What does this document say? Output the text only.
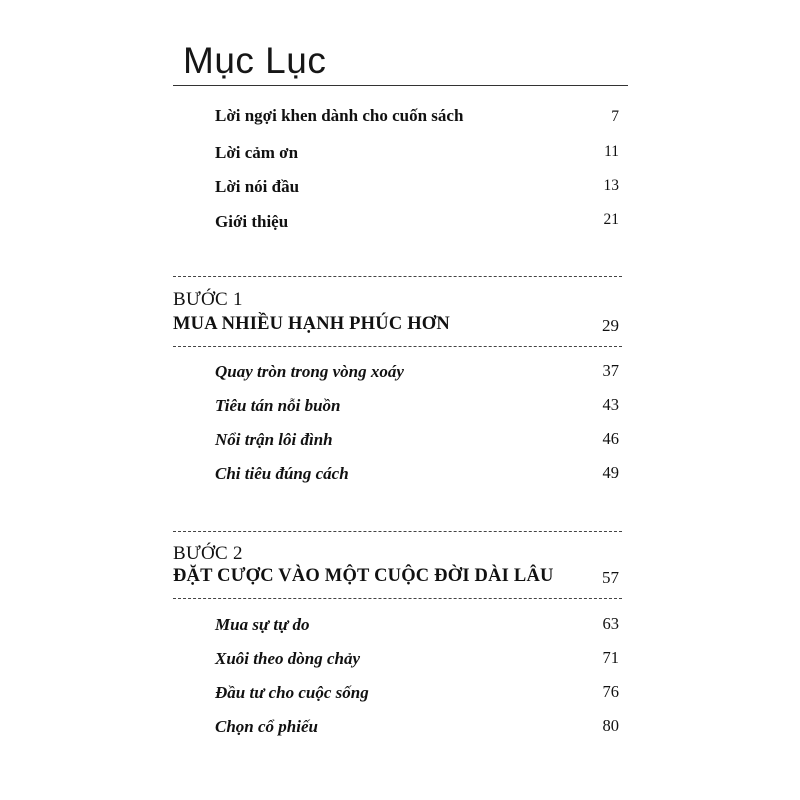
Mục Lục
Lời ngợi khen dành cho cuốn sách	7
Lời cảm ơn	11
Lời nói đầu	13
Giới thiệu	21
BƯỚC 1
MUA NHIỀU HẠNH PHÚC HƠN	29
Quay tròn trong vòng xoáy	37
Tiêu tán nỗi buồn	43
Nổi trận lôi đình	46
Chi tiêu đúng cách	49
BƯỚC 2
ĐẶT CƯỢC VÀO MỘT CUỘC ĐỜI DÀI LÂU	57
Mua sự tự do	63
Xuôi theo dòng chảy	71
Đầu tư cho cuộc sống	76
Chọn cổ phiếu	80
